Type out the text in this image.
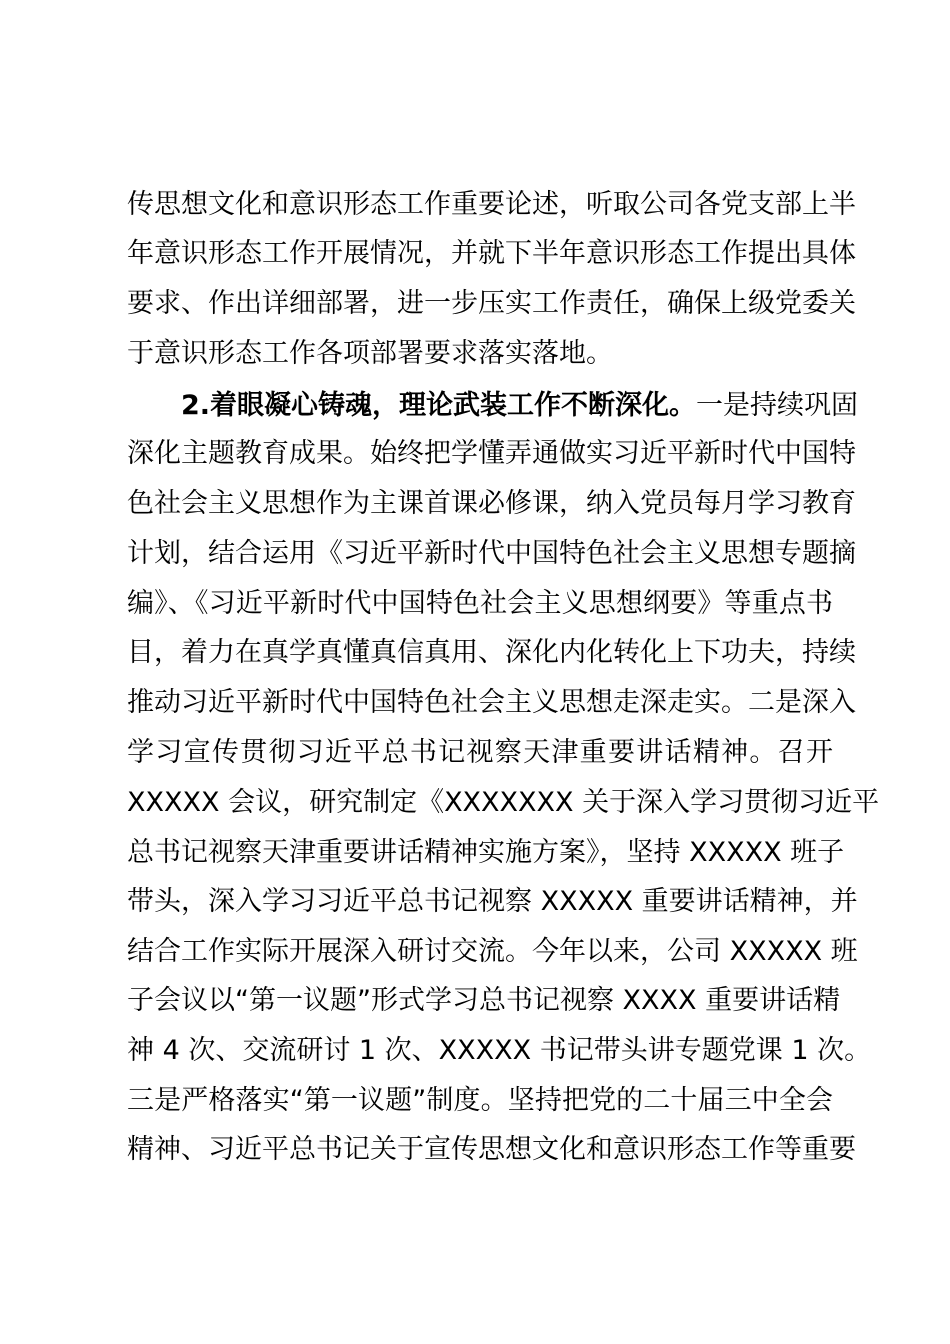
传思想文化和意识形态工作重要论述，听取公司各党支部上半
年意识形态工作开展情况，并就下半年意识形态工作提出具体
要求、作出详细部署，进一步压实工作责任，确保上级党委关
于意识形态工作各项部署要求落实落地。
2.着眼凝心铸魂，理论武装工作不断深化。一是持续巩固
深化主题教育成果。始终把学懂弄通做实习近平新时代中国特
色社会主义思想作为主课首课必修课，纳入党员每月学习教育
计划，结合运用《习近平新时代中国特色社会主义思想专题摘
编》、《习近平新时代中国特色社会主义思想纲要》等重点书
目，着力在真学真懂真信真用、深化内化转化上下功夫，持续
推动习近平新时代中国特色社会主义思想走深走实。二是深入
学习宣传贯彻习近平总书记视察天津重要讲话精神。召开
XXXXX 会议，研究制定《XXXXXXX 关于深入学习贯彻习近平
总书记视察天津重要讲话精神实施方案》，坚持 XXXXX 班子
带头，深入学习习近平总书记视察 XXXXX 重要讲话精神，并
结合工作实际开展深入研讨交流。今年以来，公司 XXXXX 班
子会议以“第一议题”形式学习总书记视察 XXXX 重要讲话精
神 4 次、交流研讨 1 次、XXXXX 书记带头讲专题党课 1 次。
三是严格落实“第一议题”制度。坚持把党的二十届三中全会
精神、习近平总书记关于宣传思想文化和意识形态工作等重要
